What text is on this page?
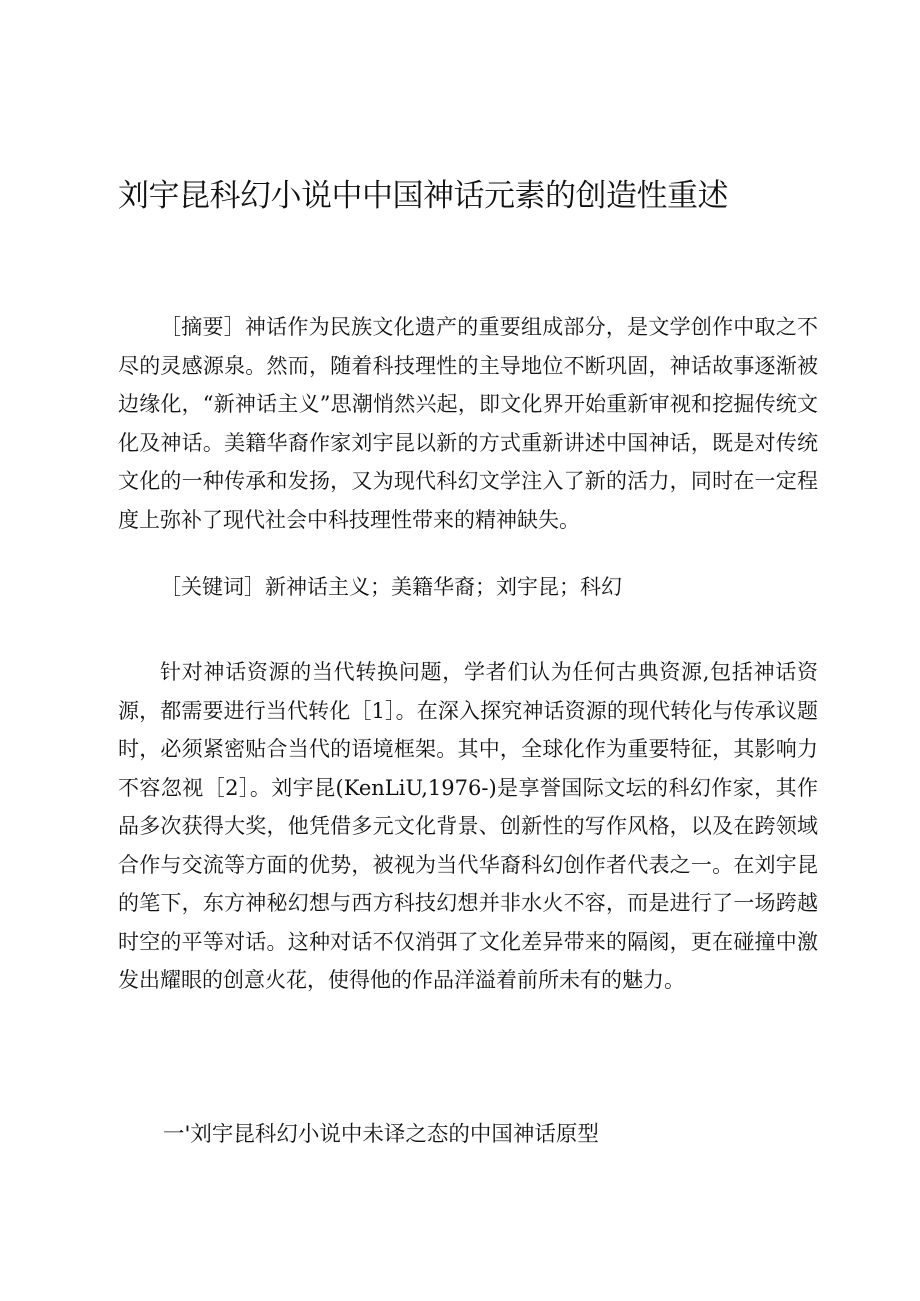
刘宇昆科幻小说中中国神话元素的创造性重述

［摘要］神话作为民族文化遗产的重要组成部分，是文学创作中取之不尽的灵感源泉。然而，随着科技理性的主导地位不断巩固，神话故事逐渐被边缘化，“新神话主义”思潮悄然兴起，即文化界开始重新审视和挖掘传统文化及神话。美籍华裔作家刘宇昆以新的方式重新讲述中国神话，既是对传统文化的一种传承和发扬，又为现代科幻文学注入了新的活力，同时在一定程度上弥补了现代社会中科技理性带来的精神缺失。

［关键词］新神话主义；美籍华裔；刘宇昆；科幻

针对神话资源的当代转换问题，学者们认为任何古典资源,包括神话资源，都需要进行当代转化［1］。在深入探究神话资源的现代转化与传承议题时，必须紧密贴合当代的语境框架。其中，全球化作为重要特征，其影响力不容忽视［2］。刘宇昆(KenLiU,1976-)是享誉国际文坛的科幻作家，其作品多次获得大奖，他凭借多元文化背景、创新性的写作风格，以及在跨领域合作与交流等方面的优势，被视为当代华裔科幻创作者代表之一。在刘宇昆的笔下，东方神秘幻想与西方科技幻想并非水火不容，而是进行了一场跨越时空的平等对话。这种对话不仅消弭了文化差异带来的隔阂，更在碰撞中激发出耀眼的创意火花，使得他的作品洋溢着前所未有的魅力。

一'刘宇昆科幻小说中未译之态的中国神话原型
